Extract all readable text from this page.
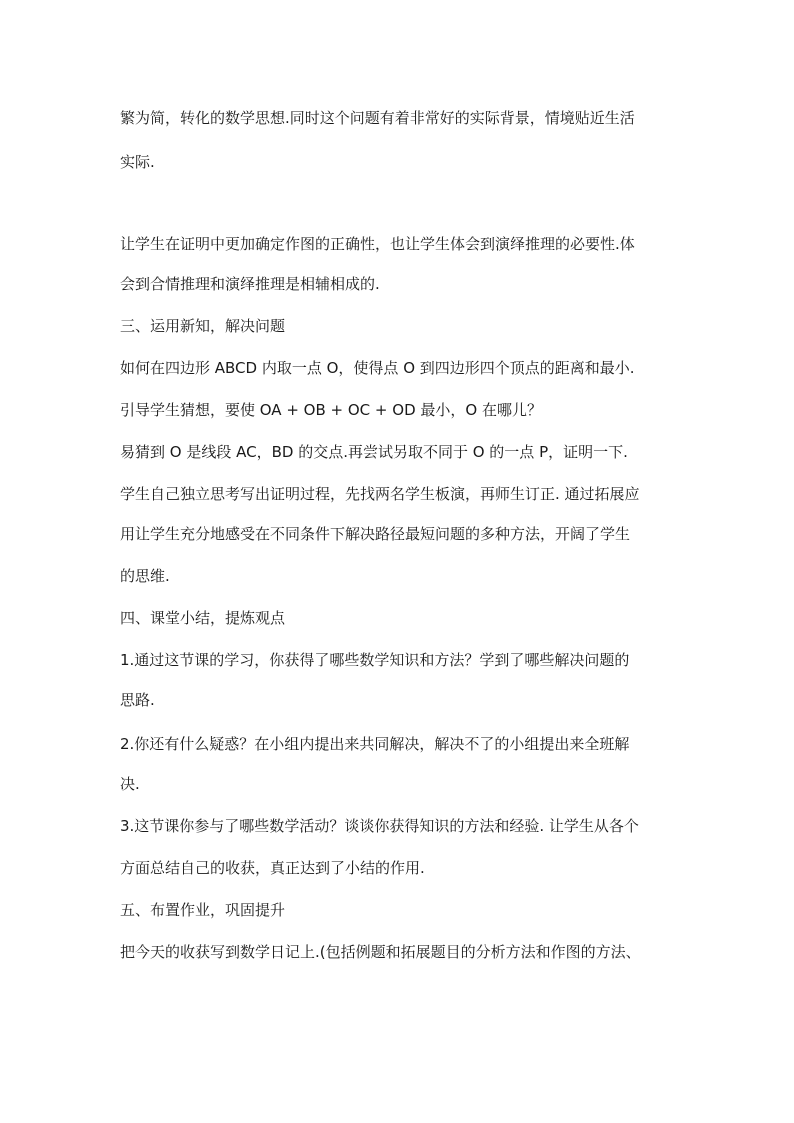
繁为简，转化的数学思想.同时这个问题有着非常好的实际背景，情境贴近生活
实际.
让学生在证明中更加确定作图的正确性，也让学生体会到演绎推理的必要性.体
会到合情推理和演绎推理是相辅相成的.
三、运用新知，解决问题
如何在四边形 ABCD 内取一点 O，使得点 O 到四边形四个顶点的距离和最小.
引导学生猜想，要使 OA + OB + OC + OD 最小，O 在哪儿？
易猜到 O 是线段 AC，BD 的交点.再尝试另取不同于 O 的一点 P，证明一下.
学生自己独立思考写出证明过程，先找两名学生板演，再师生订正. 通过拓展应
用让学生充分地感受在不同条件下解决路径最短问题的多种方法，开阔了学生
的思维.
四、课堂小结，提炼观点
1.通过这节课的学习，你获得了哪些数学知识和方法？学到了哪些解决问题的
思路.
2.你还有什么疑惑？在小组内提出来共同解决，解决不了的小组提出来全班解
决.
3.这节课你参与了哪些数学活动？谈谈你获得知识的方法和经验. 让学生从各个
方面总结自己的收获，真正达到了小结的作用.
五、布置作业，巩固提升
把今天的收获写到数学日记上.(包括例题和拓展题目的分析方法和作图的方法、
